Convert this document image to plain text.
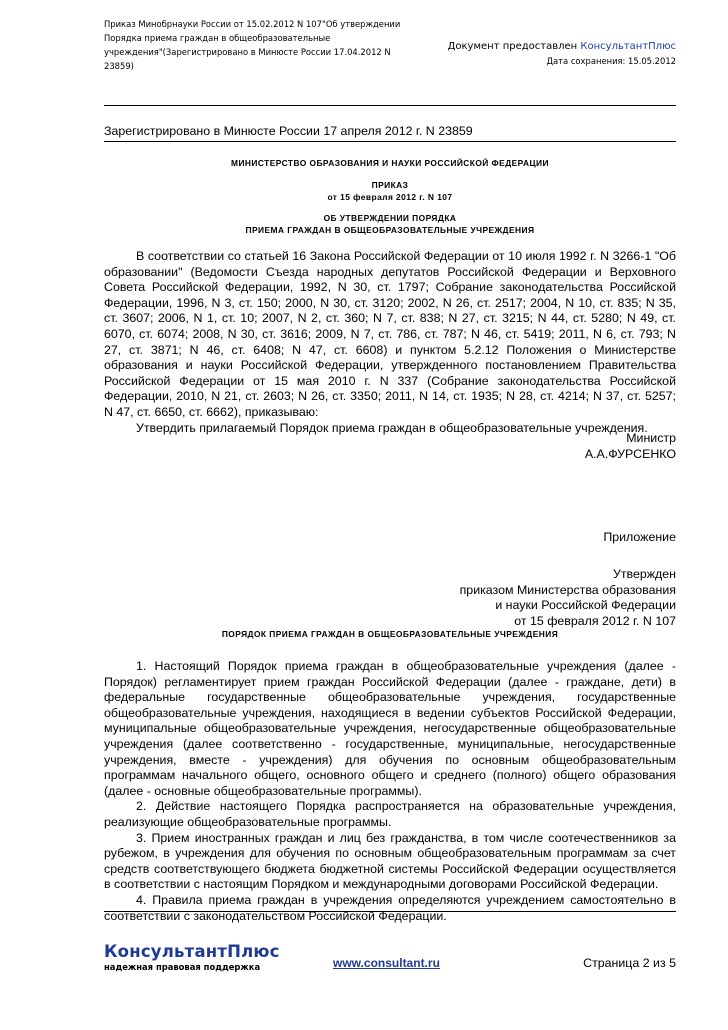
Приказ Минобрнауки России от 15.02.2012 N 107"Об утверждении
Порядка приема граждан в общеобразовательные
учреждения"(Зарегистрировано в Минюсте России 17.04.2012 N
23859)
Документ предоставлен КонсультантПлюс
Дата сохранения: 15.05.2012
Зарегистрировано в Минюсте России 17 апреля 2012 г. N 23859
МИНИСТЕРСТВО ОБРАЗОВАНИЯ И НАУКИ РОССИЙСКОЙ ФЕДЕРАЦИИ
ПРИКАЗ
от 15 февраля 2012 г. N 107
ОБ УТВЕРЖДЕНИИ ПОРЯДКА
ПРИЕМА ГРАЖДАН В ОБЩЕОБРАЗОВАТЕЛЬНЫЕ УЧРЕЖДЕНИЯ

В соответствии со статьей 16 Закона Российской Федерации от 10 июля 1992 г. N 3266-1 "Об образовании" (Ведомости Съезда народных депутатов Российской Федерации и Верховного Совета Российской Федерации, 1992, N 30, ст. 1797; Собрание законодательства Российской Федерации, 1996, N 3, ст. 150; 2000, N 30, ст. 3120; 2002, N 26, ст. 2517; 2004, N 10, ст. 835; N 35, ст. 3607; 2006, N 1, ст. 10; 2007, N 2, ст. 360; N 7, ст. 838; N 27, ст. 3215; N 44, ст. 5280; N 49, ст. 6070, ст. 6074; 2008, N 30, ст. 3616; 2009, N 7, ст. 786, ст. 787; N 46, ст. 5419; 2011, N 6, ст. 793; N 27, ст. 3871; N 46, ст. 6408; N 47, ст. 6608) и пунктом 5.2.12 Положения о Министерстве образования и науки Российской Федерации, утвержденного постановлением Правительства Российской Федерации от 15 мая 2010 г. N 337 (Собрание законодательства Российской Федерации, 2010, N 21, ст. 2603; N 26, ст. 3350; 2011, N 14, ст. 1935; N 28, ст. 4214; N 37, ст. 5257; N 47, ст. 6650, ст. 6662), приказываю:

Утвердить прилагаемый Порядок приема граждан в общеобразовательные учреждения.

Министр
А.А.ФУРСЕНКО
Приложение
Утвержден
приказом Министерства образования
и науки Российской Федерации
от 15 февраля 2012 г. N 107
ПОРЯДОК ПРИЕМА ГРАЖДАН В ОБЩЕОБРАЗОВАТЕЛЬНЫЕ УЧРЕЖДЕНИЯ

1. Настоящий Порядок приема граждан в общеобразовательные учреждения (далее - Порядок) регламентирует прием граждан Российской Федерации (далее - граждане, дети) в федеральные государственные общеобразовательные учреждения, государственные общеобразовательные учреждения, находящиеся в ведении субъектов Российской Федерации, муниципальные общеобразовательные учреждения, негосударственные общеобразовательные учреждения (далее соответственно - государственные, муниципальные, негосударственные учреждения, вместе - учреждения) для обучения по основным общеобразовательным программам начального общего, основного общего и среднего (полного) общего образования (далее - основные общеобразовательные программы).

2. Действие настоящего Порядка распространяется на образовательные учреждения, реализующие общеобразовательные программы.

3. Прием иностранных граждан и лиц без гражданства, в том числе соотечественников за рубежом, в учреждения для обучения по основным общеобразовательным программам за счет средств соответствующего бюджета бюджетной системы Российской Федерации осуществляется в соответствии с настоящим Порядком и международными договорами Российской Федерации.

4. Правила приема граждан в учреждения определяются учреждением самостоятельно в соответствии с законодательством Российской Федерации.

КонсультантПлюс
надежная правовая поддержка	www.consultant.ru	Страница 2 из 5
